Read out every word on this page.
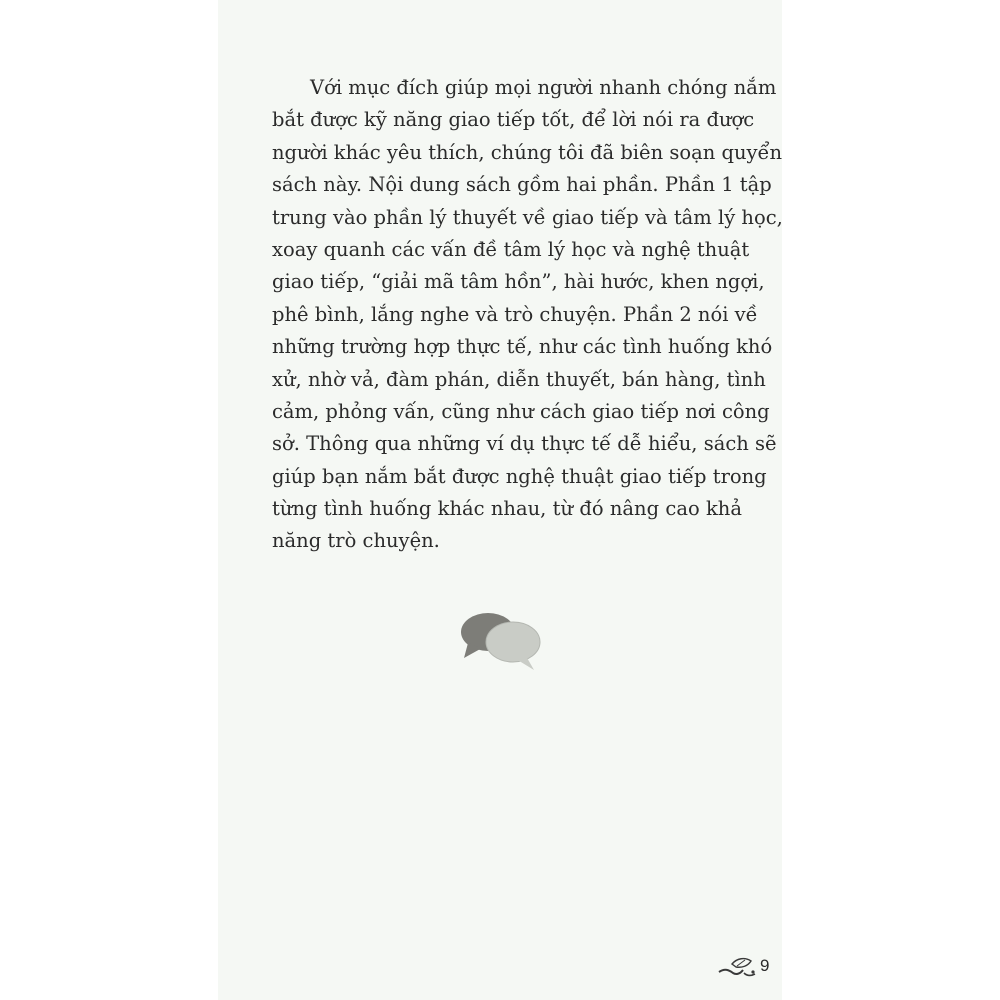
Với mục đích giúp mọi người nhanh chóng nắm
bắt được kỹ năng giao tiếp tốt, để lời nói ra được
người khác yêu thích, chúng tôi đã biên soạn quyển
sách này. Nội dung sách gồm hai phần. Phần 1 tập
trung vào phần lý thuyết về giao tiếp và tâm lý học,
xoay quanh các vấn đề tâm lý học và nghệ thuật
giao tiếp, “giải mã tâm hồn”, hài hước, khen ngợi,
phê bình, lắng nghe và trò chuyện. Phần 2 nói về
những trường hợp thực tế, như các tình huống khó
xử, nhờ vả, đàm phán, diễn thuyết, bán hàng, tình
cảm, phỏng vấn, cũng như cách giao tiếp nơi công
sở. Thông qua những ví dụ thực tế dễ hiểu, sách sẽ
giúp bạn nắm bắt được nghệ thuật giao tiếp trong
từng tình huống khác nhau, từ đó nâng cao khả
năng trò chuyện.
9
